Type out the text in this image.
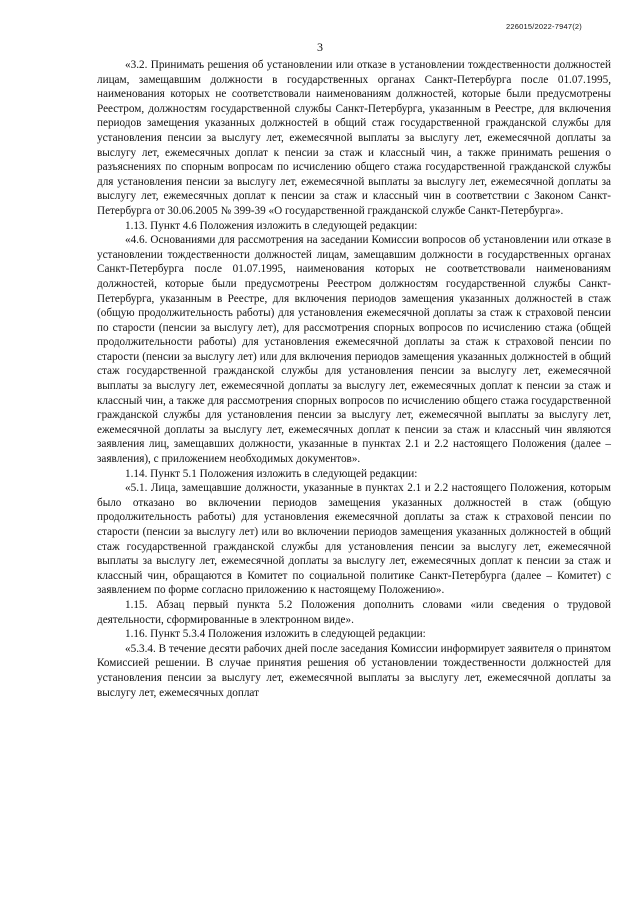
226015/2022-7947(2)
3

«3.2. Принимать решения об установлении или отказе в установлении тождественности должностей лицам, замещавшим должности в государственных органах Санкт-Петербурга после 01.07.1995, наименования которых не соответствовали наименованиям должностей, которые были предусмотрены Реестром, должностям государственной службы Санкт-Петербурга, указанным в Реестре, для включения периодов замещения указанных должностей в общий стаж государственной гражданской службы для установления пенсии за выслугу лет, ежемесячной выплаты за выслугу лет, ежемесячной доплаты за выслугу лет, ежемесячных доплат к пенсии за стаж и классный чин, а также принимать решения о разъяснениях по спорным вопросам по исчислению общего стажа государственной гражданской службы для установления пенсии за выслугу лет, ежемесячной выплаты за выслугу лет, ежемесячной доплаты за выслугу лет, ежемесячных доплат к пенсии за стаж и классный чин в соответствии с Законом Санкт-Петербурга от 30.06.2005 № 399-39 «О государственной гражданской службе Санкт-Петербурга».

1.13. Пункт 4.6 Положения изложить в следующей редакции:

«4.6. Основаниями для рассмотрения на заседании Комиссии вопросов об установлении или отказе в установлении тождественности должностей лицам, замещавшим должности в государственных органах Санкт-Петербурга после 01.07.1995, наименования которых не соответствовали наименованиям должностей, которые были предусмотрены Реестром должностям государственной службы Санкт-Петербурга, указанным в Реестре, для включения периодов замещения указанных должностей в стаж (общую продолжительность работы) для установления ежемесячной доплаты за стаж к страховой пенсии по старости (пенсии за выслугу лет), для рассмотрения спорных вопросов по исчислению стажа (общей продолжительности работы) для установления ежемесячной доплаты за стаж к страховой пенсии по старости (пенсии за выслугу лет) или для включения периодов замещения указанных должностей в общий стаж государственной гражданской службы для установления пенсии за выслугу лет, ежемесячной выплаты за выслугу лет, ежемесячной доплаты за выслугу лет, ежемесячных доплат к пенсии за стаж и классный чин, а также для рассмотрения спорных вопросов по исчислению общего стажа государственной гражданской службы для установления пенсии за выслугу лет, ежемесячной выплаты за выслугу лет, ежемесячной доплаты за выслугу лет, ежемесячных доплат к пенсии за стаж и классный чин являются заявления лиц, замещавших должности, указанные в пунктах 2.1 и 2.2 настоящего Положения (далее – заявления), с приложением необходимых документов».

1.14. Пункт 5.1 Положения изложить в следующей редакции:

«5.1. Лица, замещавшие должности, указанные в пунктах 2.1 и 2.2 настоящего Положения, которым было отказано во включении периодов замещения указанных должностей в стаж (общую продолжительность работы) для установления ежемесячной доплаты за стаж к страховой пенсии по старости (пенсии за выслугу лет) или во включении периодов замещения указанных должностей в общий стаж государственной гражданской службы для установления пенсии за выслугу лет, ежемесячной выплаты за выслугу лет, ежемесячной доплаты за выслугу лет, ежемесячных доплат к пенсии за стаж и классный чин, обращаются в Комитет по социальной политике Санкт-Петербурга (далее – Комитет) с заявлением по форме согласно приложению к настоящему Положению».

1.15. Абзац первый пункта 5.2 Положения дополнить словами «или сведения о трудовой деятельности, сформированные в электронном виде».

1.16. Пункт 5.3.4 Положения изложить в следующей редакции:

«5.3.4. В течение десяти рабочих дней после заседания Комиссии информирует заявителя о принятом Комиссией решении. В случае принятия решения об установлении тождественности должностей для установления пенсии за выслугу лет, ежемесячной выплаты за выслугу лет, ежемесячной доплаты за выслугу лет, ежемесячных доплат
